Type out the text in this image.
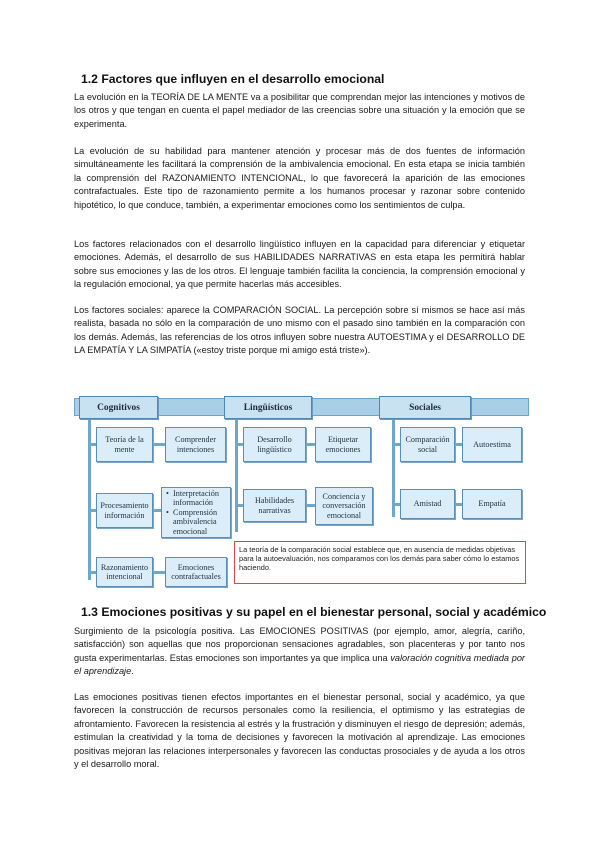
1.2 Factores que influyen en el desarrollo emocional

La evolución en la TEORÍA DE LA MENTE va a posibilitar que comprendan mejor las intenciones y motivos de los otros y que tengan en cuenta el papel mediador de las creencias sobre una situación y la emoción que se experimenta.

La evolución de su habilidad para mantener atención y procesar más de dos fuentes de información simultáneamente les facilitará la comprensión de la ambivalencia emocional. En esta etapa se inicia también la comprensión del RAZONAMIENTO INTENCIONAL, lo que favorecerá la aparición de las emociones contrafactuales. Este tipo de razonamiento permite a los humanos procesar y razonar sobre contenido hipotético, lo que conduce, también, a experimentar emociones como los sentimientos de culpa.

Los factores relacionados con el desarrollo lingüístico influyen en la capacidad para diferenciar y etiquetar emociones. Además, el desarrollo de sus HABILIDADES NARRATIVAS en esta etapa les permitirá hablar sobre sus emociones y las de los otros. El lenguaje también facilita la conciencia, la comprensión emocional y la regulación emocional, ya que permite hacerlas más accesibles.

Los factores sociales: aparece la COMPARACIÓN SOCIAL. La percepción sobre sí mismos se hace así más realista, basada no sólo en la comparación de uno mismo con el pasado sino también en la comparación con los demás. Además, las referencias de los otros influyen sobre nuestra AUTOESTIMA y el DESARROLLO DE LA EMPATÍA Y LA SIMPATÍA («estoy triste porque mi amigo está triste»).

Cognitivos	Lingüísticos	Sociales
Teoría de la mente
Comprender intenciones
Procesamiento información
• Interpretación información
• Comprensión ambivalencia emocional
Razonamiento intencional
Emociones contrafactuales
Desarrollo lingüístico
Etiquetar emociones
Habilidades narrativas
Conciencia y conversación emocional
Comparación social
Autoestima
Amistad	Empatía
La teoría de la comparación social establece que, en ausencia de medidas objetivas para la autoevaluación, nos comparamos con los demás para saber cómo lo estamos haciendo.
1.3 Emociones positivas y su papel en el bienestar personal, social y académico

Surgimiento de la psicología positiva. Las EMOCIONES POSITIVAS (por ejemplo, amor, alegría, cariño, satisfacción) son aquellas que nos proporcionan sensaciones agradables, son placenteras y por tanto nos gusta experimentarlas. Estas emociones son importantes ya que implica una valoración cognitiva mediada por el aprendizaje.

Las emociones positivas tienen efectos importantes en el bienestar personal, social y académico, ya que favorecen la construcción de recursos personales como la resiliencia, el optimismo y las estrategias de afrontamiento. Favorecen la resistencia al estrés y la frustración y disminuyen el riesgo de depresión; además, estimulan la creatividad y la toma de decisiones y favorecen la motivación al aprendizaje. Las emociones positivas mejoran las relaciones interpersonales y favorecen las conductas prosociales y de ayuda a los otros y el desarrollo moral.
